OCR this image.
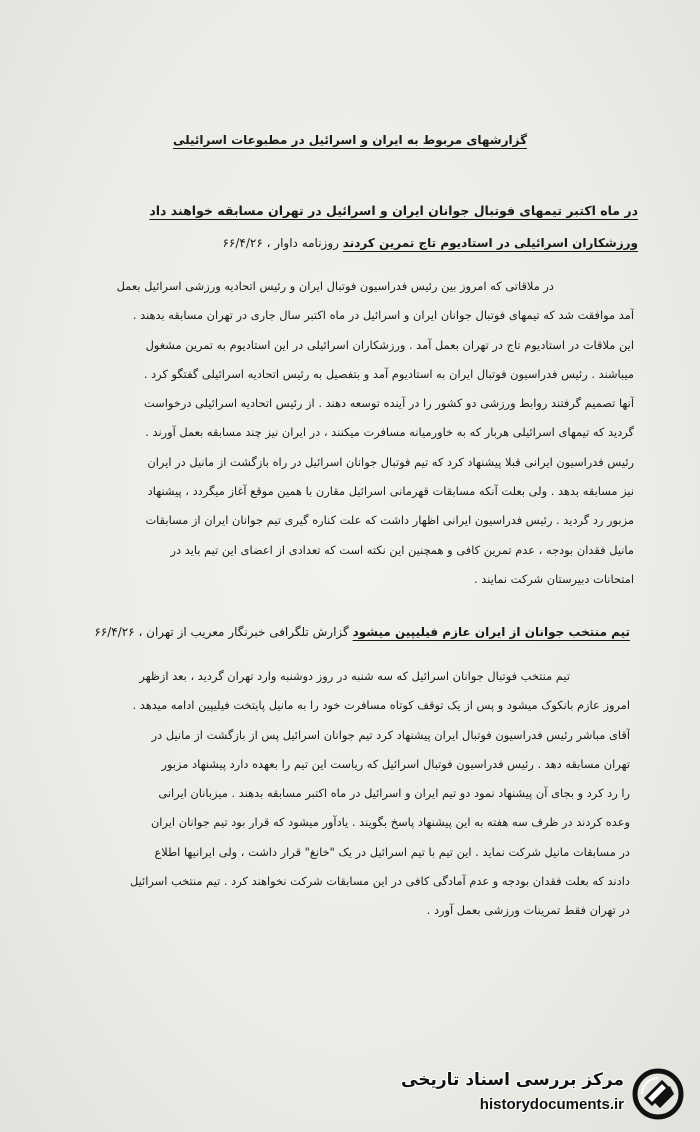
گزارشهای مربوط به ایران و اسرائیل در مطبوعات اسرائیلی
در ماه اکتبر تیمهای فوتبال جوانان ایران و اسرائیل در تهران مسابقه خواهند داد
ورزشکاران اسرائیلی در استادیوم تاج تمرین کردند روزنامه داوار ، ۶۶/۴/۲۶
در ملاقاتی که امروز بین رئیس فدراسیون فوتبال ایران و رئیس اتحادیه ورزشی اسرائیل بعمل
آمد موافقت شد که تیمهای فوتبال جوانان ایران و اسرائیل در ماه اکتبر سال جاری در تهران مسابقه بدهند .
این ملاقات در استادیوم تاج در تهران بعمل آمد . ورزشکاران اسرائیلی در این استادیوم به تمرین مشغول
میباشند . رئیس فدراسیون فوتبال ایران به استادیوم آمد و بتفصیل به رئیس اتحادیه اسرائیلی گفتگو کرد .
آنها تصمیم گرفتند روابط ورزشی دو کشور را در آینده توسعه دهند . از رئیس اتحادیه اسرائیلی درخواست
گردید که تیمهای اسرائیلی هربار که به خاورمیانه مسافرت میکنند ، در ایران نیز چند مسابقه بعمل آورند .
رئیس فدراسیون ایرانی قبلا پیشنهاد کرد که تیم فوتبال جوانان اسرائیل در راه بازگشت از مانیل در ایران
نیز مسابقه بدهد . ولی بعلت آنکه مسابقات قهرمانی اسرائیل مقارن با همین موقع آغاز میگردد ، پیشنهاد
مزبور رد گردید . رئیس فدراسیون ایرانی اظهار داشت که علت کناره گیری تیم جوانان ایران از مسابقات
مانیل فقدان بودجه ، عدم تمرین کافی و همچنین این نکته است که تعدادی از اعضای این تیم باید در
امتحانات دبیرستان شرکت نمایند .
تیم منتخب جوانان از ایران عازم فیلیپین میشود گزارش تلگرافی خبرنگار معریب از تهران ، ۶۶/۴/۲۶
تیم منتخب فوتبال جوانان اسرائیل که سه شنبه در روز دوشنبه وارد تهران گردید ، بعد ازظهر
امروز عازم بانکوک میشود و پس از یک توقف کوتاه مسافرت خود را به مانیل پایتخت فیلیپین ادامه میدهد .
آقای مباشر رئیس فدراسیون فوتبال ایران پیشنهاد کرد تیم جوانان اسرائیل پس از بازگشت از مانیل در
تهران مسابقه دهد . رئیس فدراسیون فوتبال اسرائیل که ریاست این تیم را بعهده دارد پیشنهاد مزبور
را رد کرد و بجای آن پیشنهاد نمود دو تیم ایران و اسرائیل در ماه اکتبر مسابقه بدهند . میزبانان ایرانی
وعده کردند در ظرف سه هفته به این پیشنهاد پاسخ بگویند . یادآور میشود که قرار بود تیم جوانان ایران
در مسابقات مانیل شرکت نماید . این تیم با تیم اسرائیل در یک "خانغ" قرار داشت ، ولی ایرانیها اطلاع
دادند که بعلت فقدان بودجه و عدم آمادگی کافی در این مسابقات شرکت نخواهند کرد . تیم منتخب اسرائیل
در تهران فقط تمرینات ورزشی بعمل آورد .
مرکز بررسی اسناد تاریخی
historydocuments.ir
